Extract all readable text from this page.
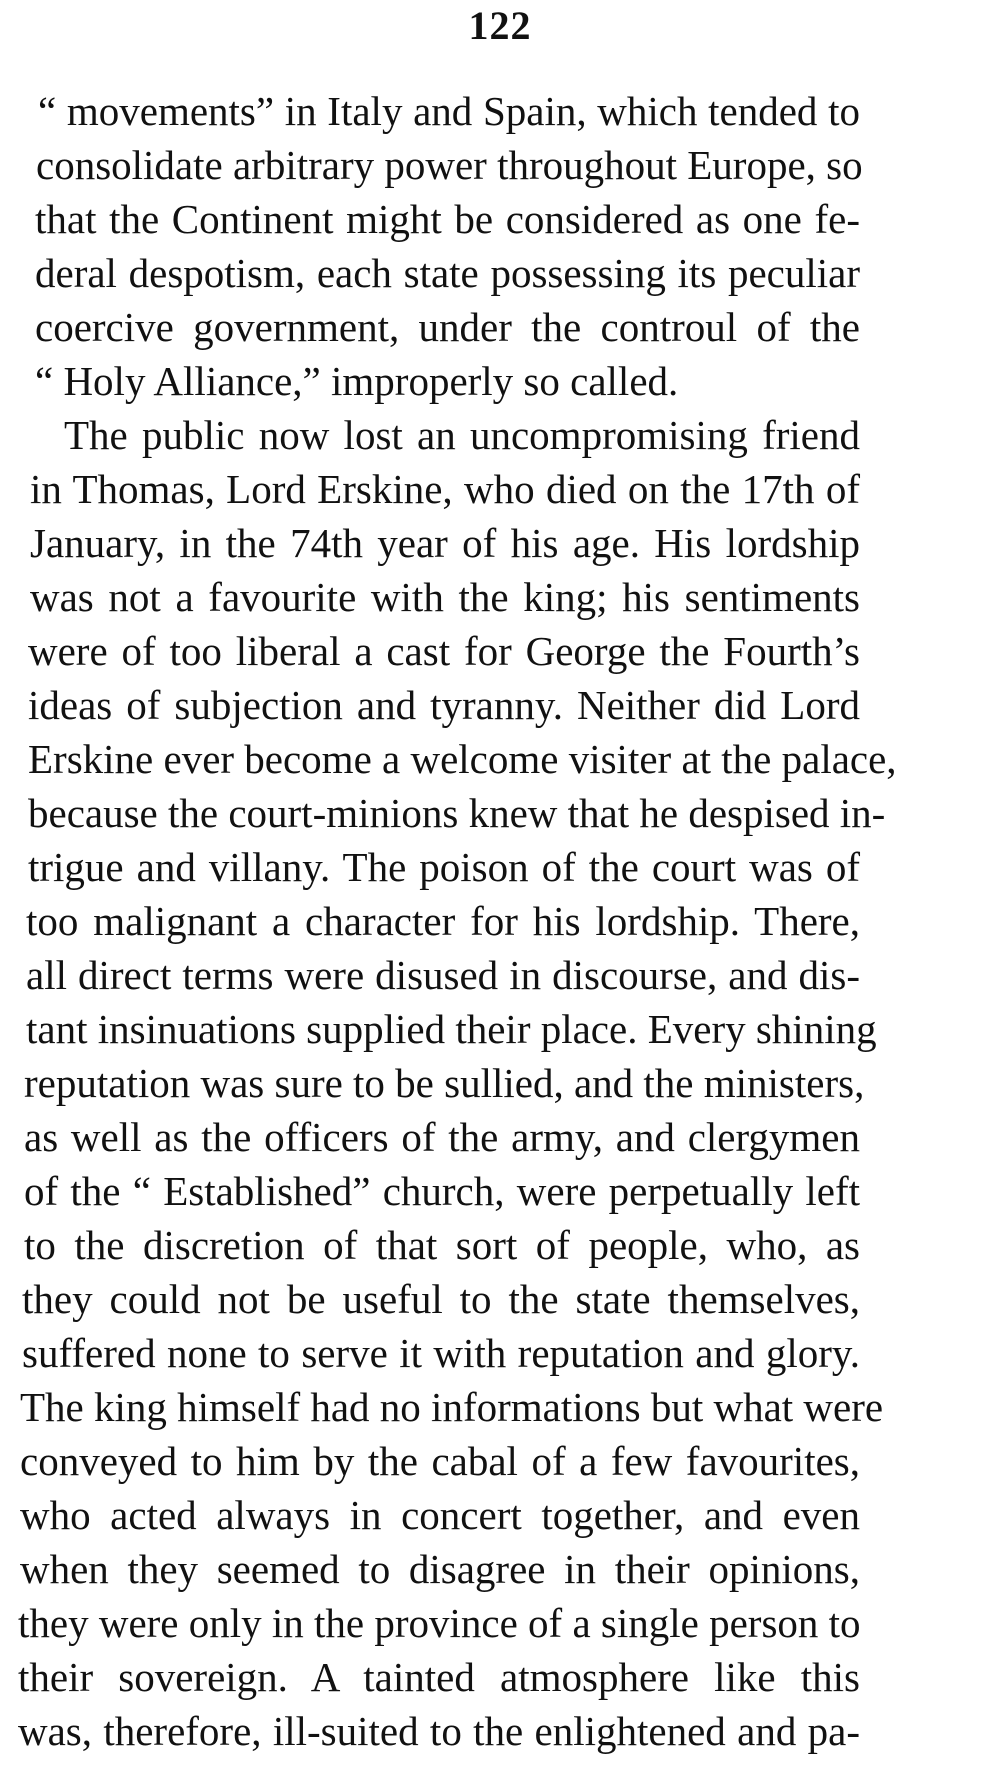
122
“ movements” in Italy and Spain, which tended to
consolidate arbitrary power throughout Europe, so
that the Continent might be considered as one fe-
deral despotism, each state possessing its peculiar
coercive government, under the controul of the
“ Holy Alliance,” improperly so called.
The public now lost an uncompromising friend
in Thomas, Lord Erskine, who died on the 17th of
January, in the 74th year of his age. His lordship
was not a favourite with the king; his sentiments
were of too liberal a cast for George the Fourth’s
ideas of subjection and tyranny. Neither did Lord
Erskine ever become a welcome visiter at the palace,
because the court-minions knew that he despised in-
trigue and villany. The poison of the court was of
too malignant a character for his lordship. There,
all direct terms were disused in discourse, and dis-
tant insinuations supplied their place. Every shining
reputation was sure to be sullied, and the ministers,
as well as the officers of the army, and clergymen
of the “ Established” church, were perpetually left
to the discretion of that sort of people, who, as
they could not be useful to the state themselves,
suffered none to serve it with reputation and glory.
The king himself had no informations but what were
conveyed to him by the cabal of a few favourites,
who acted always in concert together, and even
when they seemed to disagree in their opinions,
they were only in the province of a single person to
their sovereign. A tainted atmosphere like this
was, therefore, ill-suited to the enlightened and pa-
